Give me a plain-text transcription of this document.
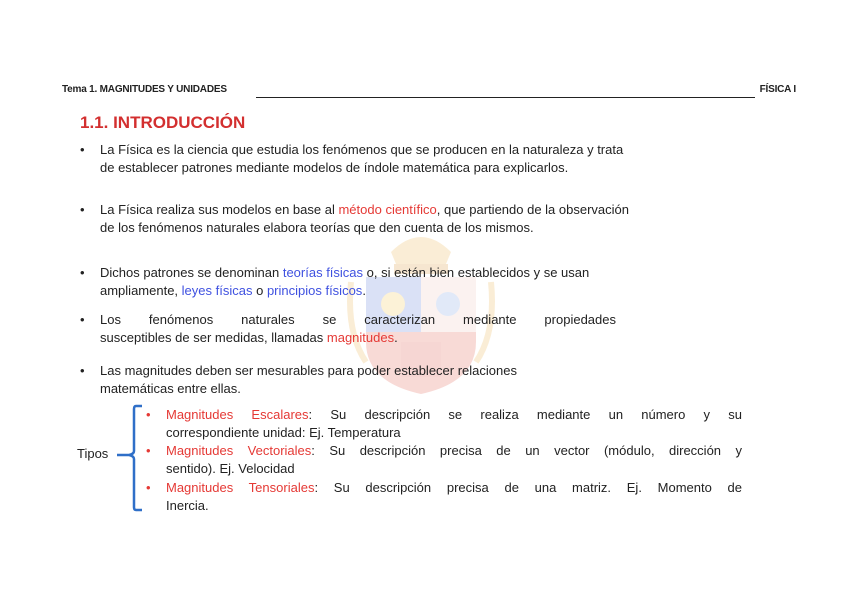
Tema 1. MAGNITUDES Y UNIDADES	FÍSICA I
1.1. INTRODUCCIÓN
• La Física es la ciencia que estudia los fenómenos que se producen en la naturaleza y trata
de establecer patrones mediante modelos de índole matemática para explicarlos.
• La Física realiza sus modelos en base al método científico, que partiendo de la observación
de los fenómenos naturales elabora teorías que den cuenta de los mismos.
• Dichos patrones se denominan teorías físicas o, si están bien establecidos y se usan
ampliamente, leyes físicas o principios físicos.
• Los fenómenos naturales se caracterizan mediante propiedades
susceptibles de ser medidas, llamadas magnitudes.
• Las magnitudes deben ser mesurables para poder establecer relaciones
matemáticas entre ellas.
Tipos
• Magnitudes Escalares: Su descripción se realiza mediante un número y su
correspondiente unidad: Ej. Temperatura
• Magnitudes Vectoriales: Su descripción precisa de un vector (módulo, dirección y
sentido). Ej. Velocidad
• Magnitudes Tensoriales: Su descripción precisa de una matriz. Ej. Momento de
Inercia.
